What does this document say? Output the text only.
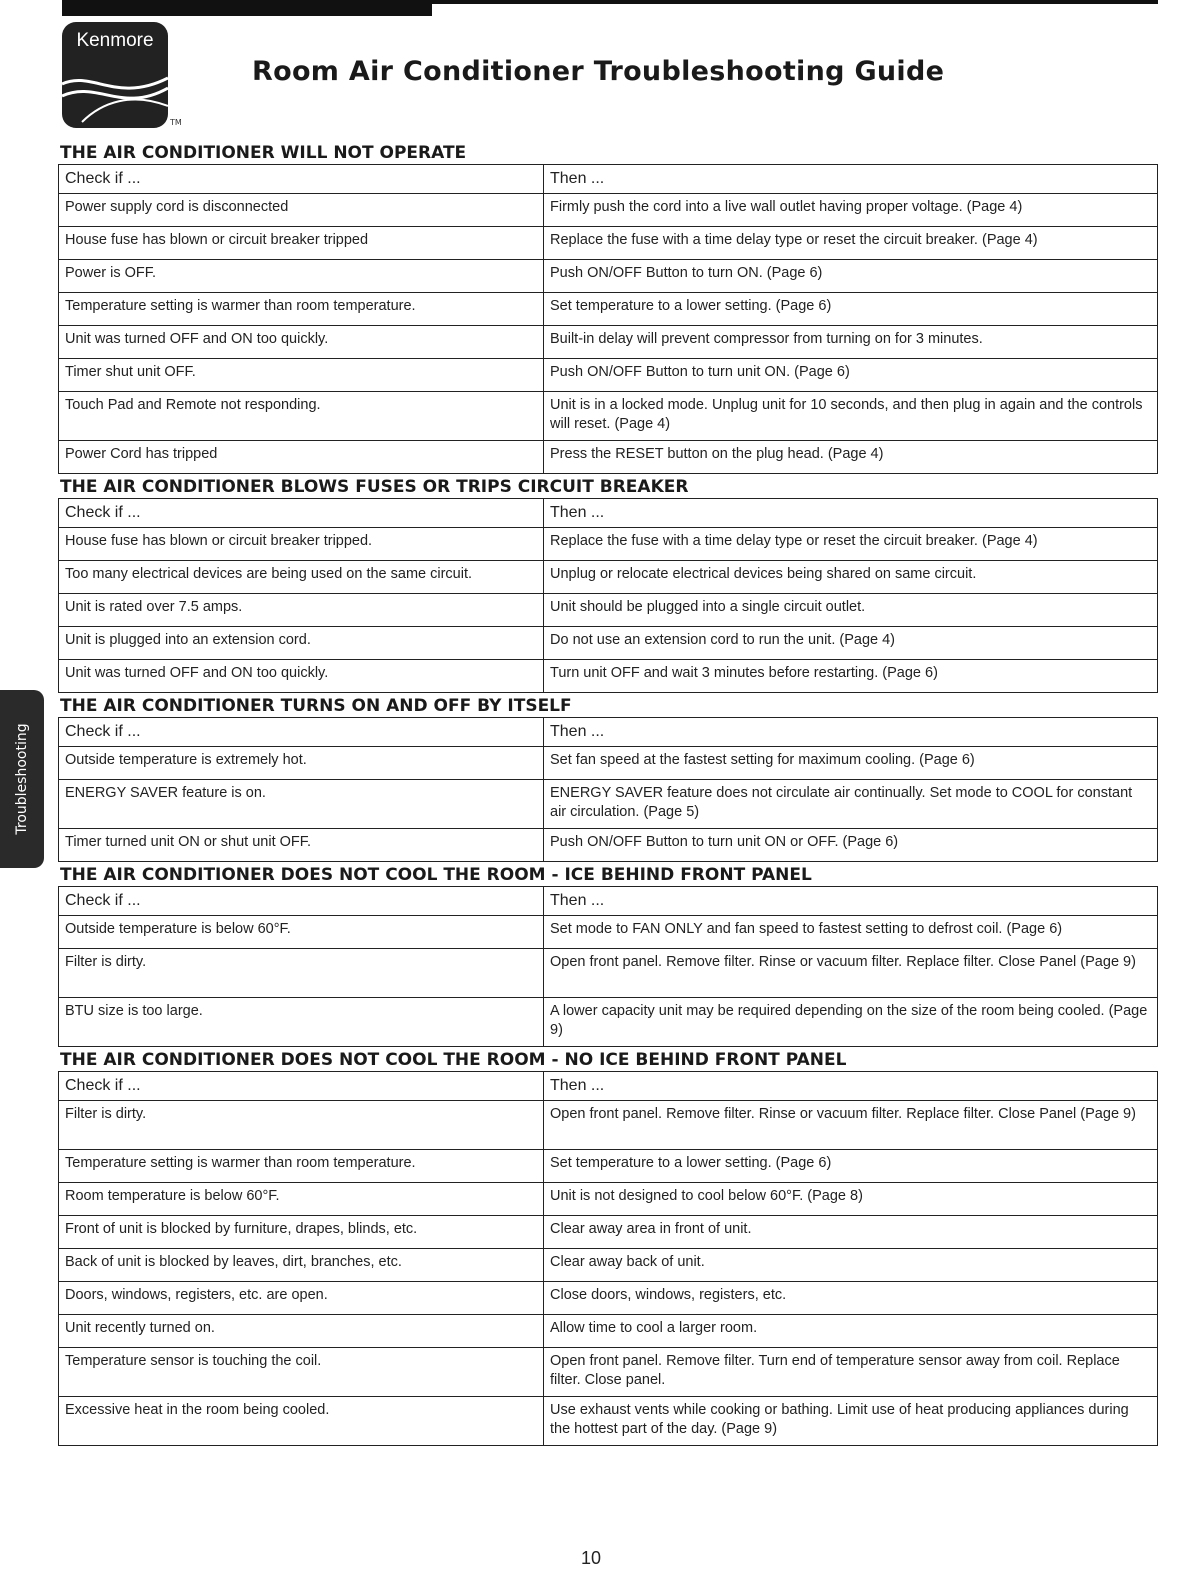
Kenmore
TM
Room Air Conditioner Troubleshooting Guide
Troubleshooting
THE AIR CONDITIONER WILL NOT OPERATE
Check if ...	Then ...
Power supply cord is disconnected	Firmly push the cord into a live wall outlet having proper voltage. (Page 4)
House fuse has blown or circuit breaker tripped	Replace the fuse with a time delay type or reset the circuit breaker. (Page 4)
Power is OFF.	Push ON/OFF Button to turn ON. (Page 6)
Temperature setting is warmer than room temperature.	Set temperature to a lower setting. (Page 6)
Unit was turned OFF and ON too quickly.	Built-in delay will prevent compressor from turning on for 3 minutes.
Timer shut unit OFF.	Push ON/OFF Button to turn unit ON. (Page 6)
Touch Pad and Remote not responding.	Unit is in a locked mode. Unplug unit for 10 seconds, and then plug in again and the controls will reset. (Page 4)
Power Cord has tripped	Press the RESET button on the plug head. (Page 4)
THE AIR CONDITIONER BLOWS FUSES OR TRIPS CIRCUIT BREAKER
Check if ...	Then ...
House fuse has blown or circuit breaker tripped.	Replace the fuse with a time delay type or reset the circuit breaker. (Page 4)
Too many electrical devices are being used on the same circuit.	Unplug or relocate electrical devices being shared on same circuit.
Unit is rated over 7.5 amps.	Unit should be plugged into a single circuit outlet.
Unit is plugged into an extension cord.	Do not use an extension cord to run the unit. (Page 4)
Unit was turned OFF and ON too quickly.	Turn unit OFF and wait 3 minutes before restarting. (Page 6)
THE AIR CONDITIONER TURNS ON AND OFF BY ITSELF
Check if ...	Then ...
Outside temperature is extremely hot.	Set fan speed at the fastest setting for maximum cooling. (Page 6)
ENERGY SAVER feature is on.	ENERGY SAVER feature does not circulate air continually. Set mode to COOL for constant air circulation. (Page 5)
Timer turned unit ON or shut unit OFF.	Push ON/OFF Button to turn unit ON or OFF. (Page 6)
THE AIR CONDITIONER DOES NOT COOL THE ROOM - ICE BEHIND FRONT PANEL
Check if ...	Then ...
Outside temperature is below 60°F.	Set mode to FAN ONLY and fan speed to fastest setting to defrost coil. (Page 6)
Filter is dirty.	Open front panel. Remove filter. Rinse or vacuum filter. Replace filter. Close Panel (Page 9)
BTU size is too large.	A lower capacity unit may be required depending on the size of the room being cooled. (Page 9)
THE AIR CONDITIONER DOES NOT COOL THE ROOM - NO ICE BEHIND FRONT PANEL
Check if ...	Then ...
Filter is dirty.	Open front panel. Remove filter. Rinse or vacuum filter. Replace filter. Close Panel (Page 9)
Temperature setting is warmer than room temperature.	Set temperature to a lower setting. (Page 6)
Room temperature is below 60°F.	Unit is not designed to cool below 60°F. (Page 8)
Front of unit is blocked by furniture, drapes, blinds, etc.	Clear away area in front of unit.
Back of unit is blocked by leaves, dirt, branches, etc.	Clear away back of unit.
Doors, windows, registers, etc. are open.	Close doors, windows, registers, etc.
Unit recently turned on.	Allow time to cool a larger room.
Temperature sensor is touching the coil.	Open front panel. Remove filter. Turn end of temperature sensor away from coil. Replace filter. Close panel.
Excessive heat in the room being cooled.	Use exhaust vents while cooking or bathing. Limit use of heat producing appliances during the hottest part of the day. (Page 9)
10
